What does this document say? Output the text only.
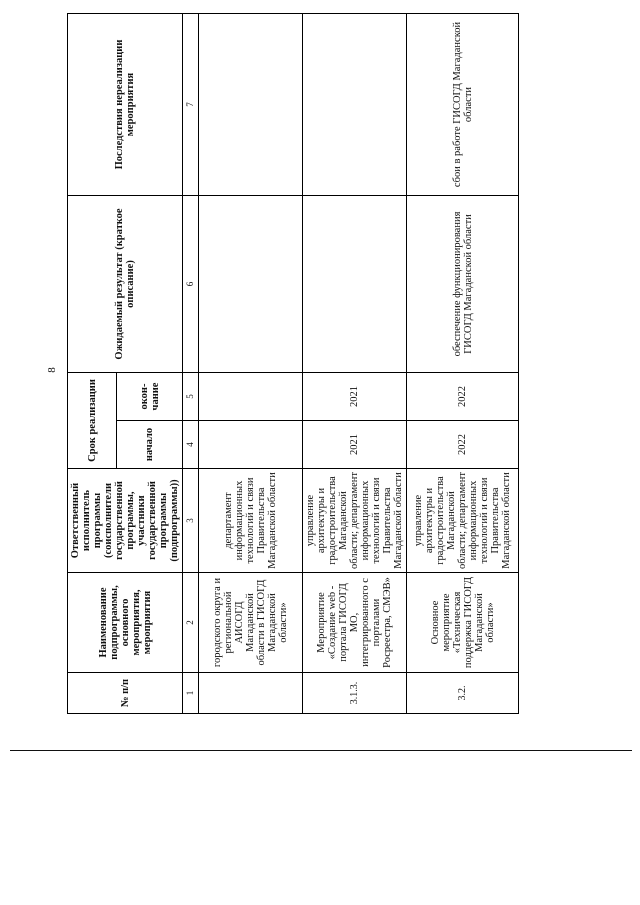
8
№ п/п	Наименование подпрограммы, основного мероприятия, мероприятия	Ответственный исполнитель программы (соисполнители государственной программы, участники государственной программы (подпрограммы))	Срок реализации		Ожидаемый результат (краткое описание)	Последствия нереализации мероприятия
			начало	окон-чание		
1	2	3	4	5	6	7
	городского округа и региональной АИСОГД Магаданской области в ГИСОГД Магаданской области»	департамент информационных технологий и связи Правительства Магаданской области				
3.1.3.	Мероприятие «Создание web - портала ГИСОГД МО, интегрированного с порталами Росреестра, СМЭВ»	управление архитектуры и градостроительства Магаданской области; департамент информационных технологий и связи Правительства Магаданской области	2021	2021		
3.2.	Основное мероприятие «Техническая поддержка ГИСОГД Магаданской области»	управление архитектуры и градостроительства Магаданской области; департамент информационных технологий и связи Правительства Магаданской области	2022	2022	обеспечение функционирования ГИСОГД Магаданской области	сбои в работе ГИСОГД Магаданской области
